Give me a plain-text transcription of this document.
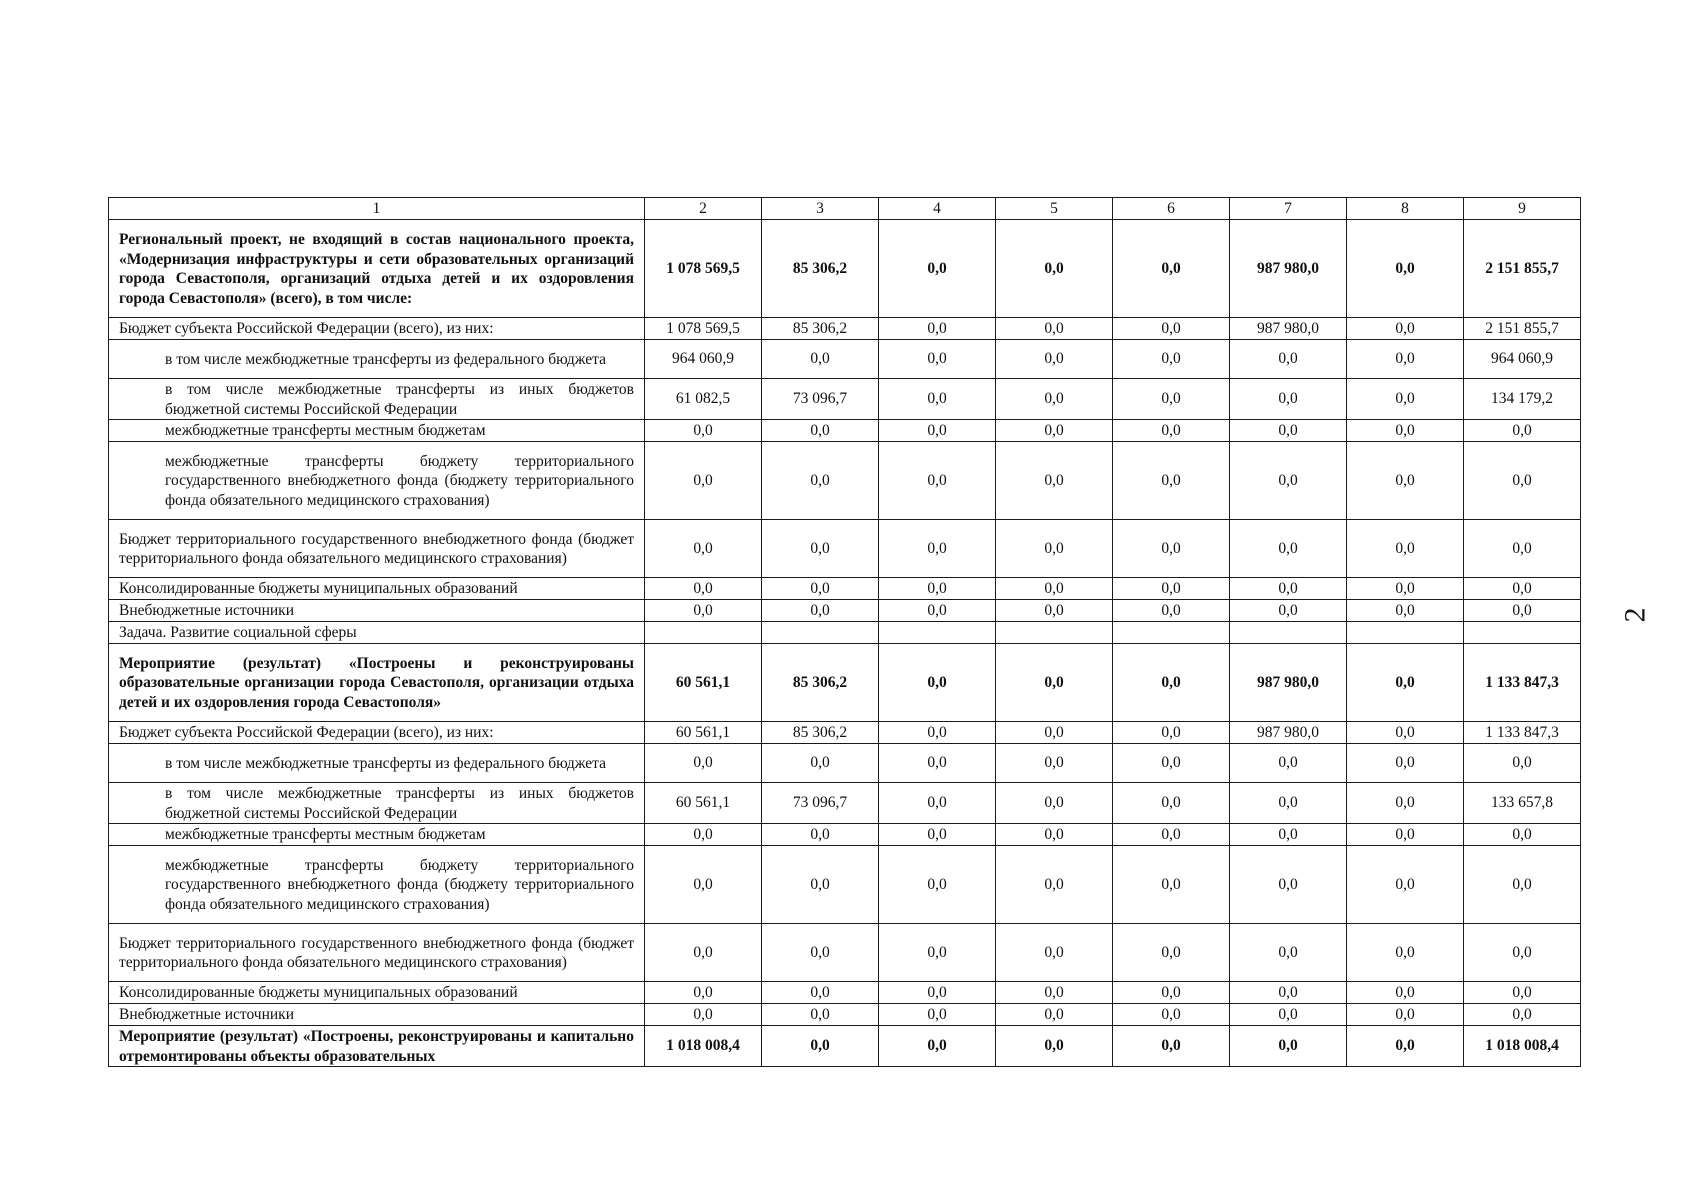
2
1	2	3	4	5	6	7	8	9
Региональный проект, не входящий в состав национального проекта, «Модернизация инфраструктуры и сети образовательных организаций города Севастополя, организаций отдыха детей и их оздоровления города Севастополя» (всего), в том числе:	1 078 569,5	85 306,2	0,0	0,0	0,0	987 980,0	0,0	2 151 855,7
Бюджет субъекта Российской Федерации (всего), из них:	1 078 569,5	85 306,2	0,0	0,0	0,0	987 980,0	0,0	2 151 855,7
в том числе межбюджетные трансферты из федерального бюджета	964 060,9	0,0	0,0	0,0	0,0	0,0	0,0	964 060,9
в том числе межбюджетные трансферты из иных бюджетов бюджетной системы Российской Федерации	61 082,5	73 096,7	0,0	0,0	0,0	0,0	0,0	134 179,2
межбюджетные трансферты местным бюджетам	0,0	0,0	0,0	0,0	0,0	0,0	0,0	0,0
межбюджетные трансферты бюджету территориального государственного внебюджетного фонда (бюджету территориального фонда обязательного медицинского страхования)	0,0	0,0	0,0	0,0	0,0	0,0	0,0	0,0
Бюджет территориального государственного внебюджетного фонда (бюджет территориального фонда обязательного медицинского страхования)	0,0	0,0	0,0	0,0	0,0	0,0	0,0	0,0
Консолидированные бюджеты муниципальных образований	0,0	0,0	0,0	0,0	0,0	0,0	0,0	0,0
Внебюджетные источники	0,0	0,0	0,0	0,0	0,0	0,0	0,0	0,0
Задача. Развитие социальной сферы								
Мероприятие (результат) «Построены и реконструированы образовательные организации города Севастополя, организации отдыха детей и их оздоровления города Севастополя»	60 561,1	85 306,2	0,0	0,0	0,0	987 980,0	0,0	1 133 847,3
Бюджет субъекта Российской Федерации (всего), из них:	60 561,1	85 306,2	0,0	0,0	0,0	987 980,0	0,0	1 133 847,3
в том числе межбюджетные трансферты из федерального бюджета	0,0	0,0	0,0	0,0	0,0	0,0	0,0	0,0
в том числе межбюджетные трансферты из иных бюджетов бюджетной системы Российской Федерации	60 561,1	73 096,7	0,0	0,0	0,0	0,0	0,0	133 657,8
межбюджетные трансферты местным бюджетам	0,0	0,0	0,0	0,0	0,0	0,0	0,0	0,0
межбюджетные трансферты бюджету территориального государственного внебюджетного фонда (бюджету территориального фонда обязательного медицинского страхования)	0,0	0,0	0,0	0,0	0,0	0,0	0,0	0,0
Бюджет территориального государственного внебюджетного фонда (бюджет территориального фонда обязательного медицинского страхования)	0,0	0,0	0,0	0,0	0,0	0,0	0,0	0,0
Консолидированные бюджеты муниципальных образований	0,0	0,0	0,0	0,0	0,0	0,0	0,0	0,0
Внебюджетные источники	0,0	0,0	0,0	0,0	0,0	0,0	0,0	0,0
Мероприятие (результат) «Построены, реконструированы и капитально отремонтированы объекты образовательных	1 018 008,4	0,0	0,0	0,0	0,0	0,0	0,0	1 018 008,4
